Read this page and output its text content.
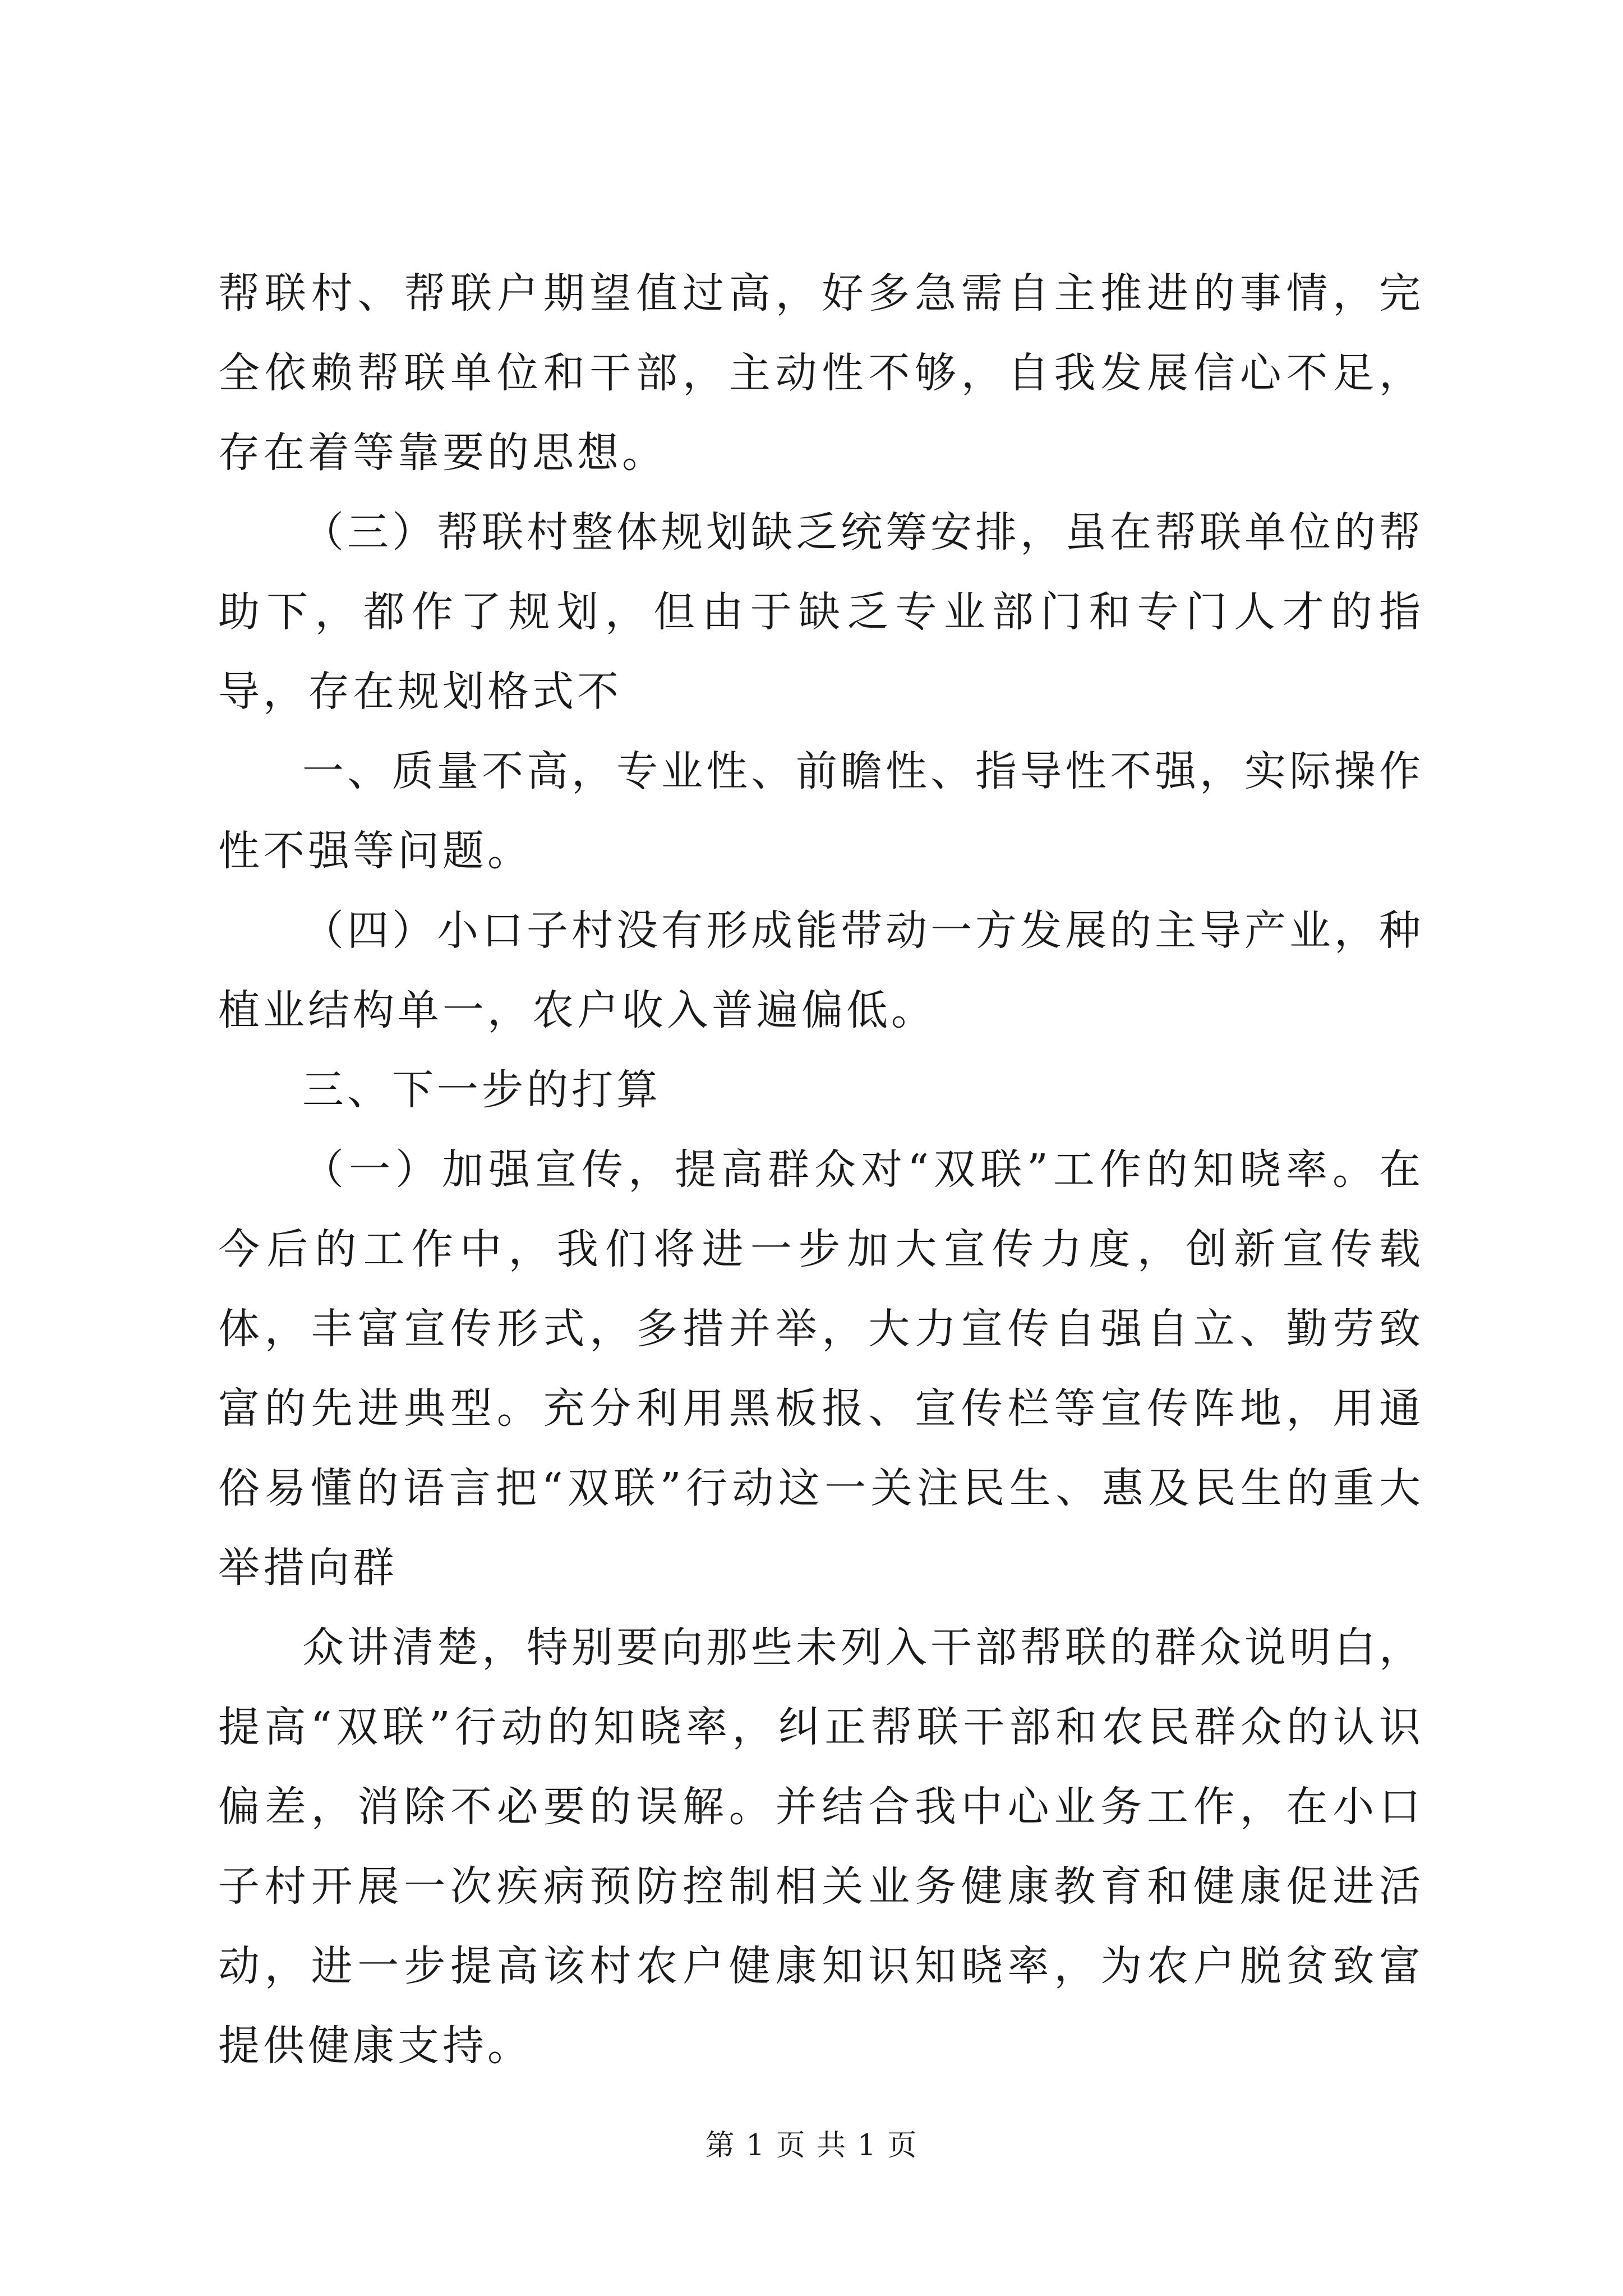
帮联村、帮联户期望值过高，好多急需自主推进的事情，完全依赖帮联单位和干部，主动性不够，自我发展信心不足，存在着等靠要的思想。

（三）帮联村整体规划缺乏统筹安排，虽在帮联单位的帮助下，都作了规划，但由于缺乏专业部门和专门人才的指导，存在规划格式不

一、质量不高，专业性、前瞻性、指导性不强，实际操作性不强等问题。

（四）小口子村没有形成能带动一方发展的主导产业，种植业结构单一，农户收入普遍偏低。

三、下一步的打算

（一）加强宣传，提高群众对“双联”工作的知晓率。在今后的工作中，我们将进一步加大宣传力度，创新宣传载体，丰富宣传形式，多措并举，大力宣传自强自立、勤劳致富的先进典型。充分利用黑板报、宣传栏等宣传阵地，用通俗易懂的语言把“双联”行动这一关注民生、惠及民生的重大举措向群

众讲清楚，特别要向那些未列入干部帮联的群众说明白，提高“双联”行动的知晓率，纠正帮联干部和农民群众的认识偏差，消除不必要的误解。并结合我中心业务工作，在小口子村开展一次疾病预防控制相关业务健康教育和健康促进活动，进一步提高该村农户健康知识知晓率，为农户脱贫致富提供健康支持。

第 1 页 共 1 页
